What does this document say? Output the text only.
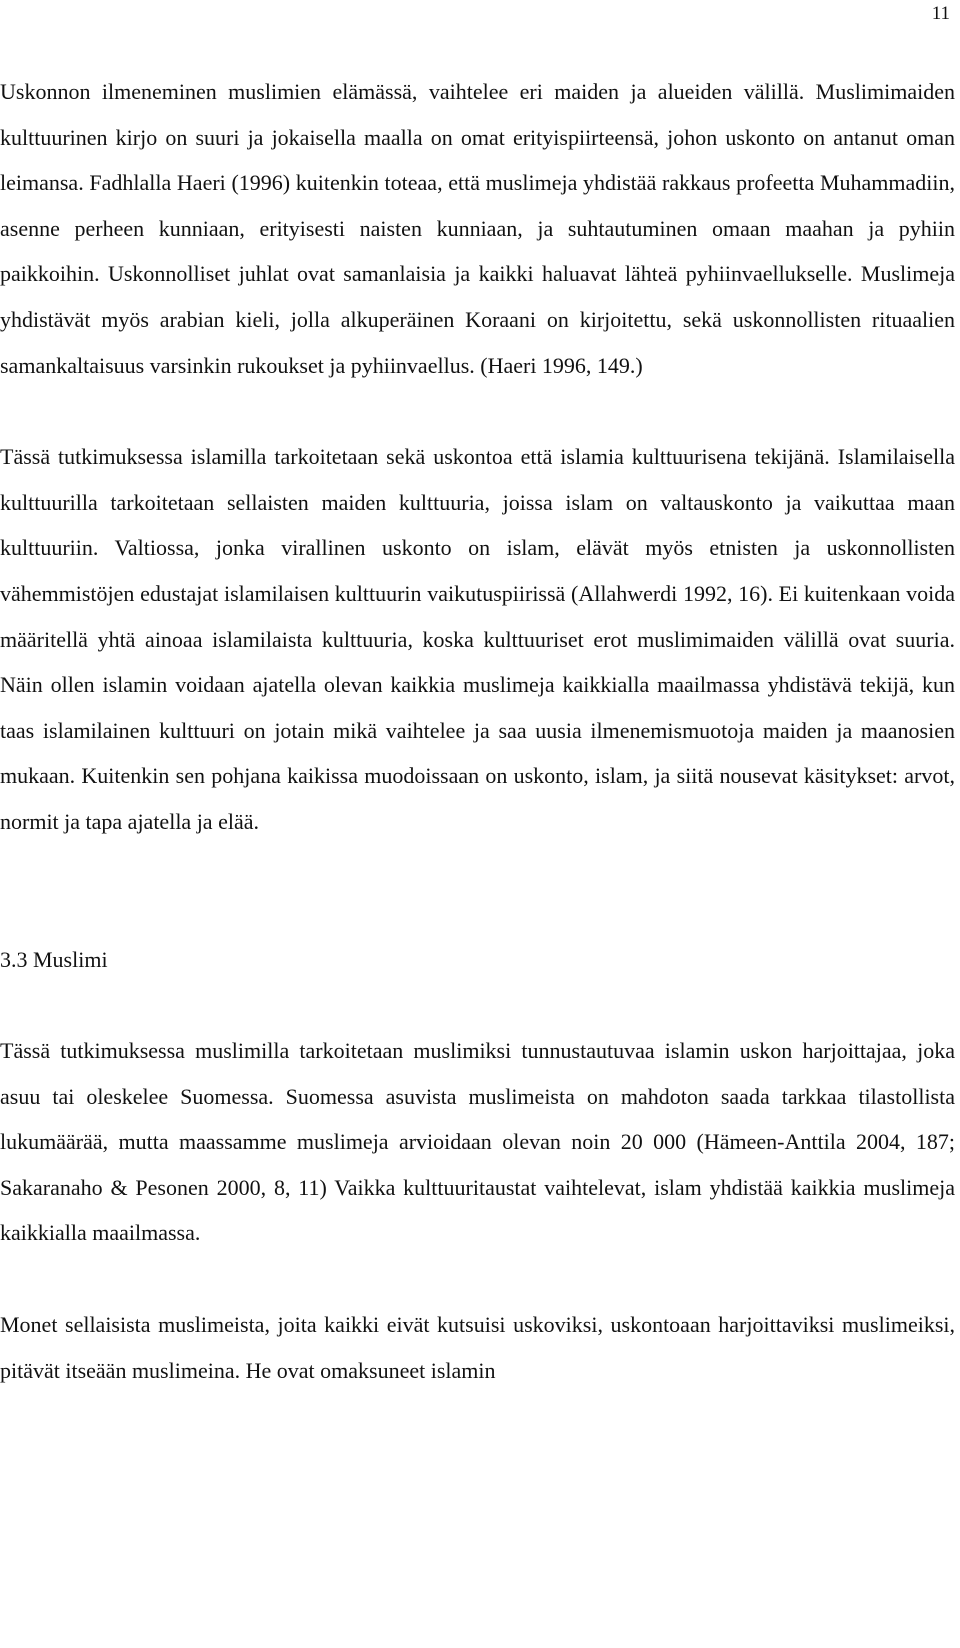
11

Uskonnon ilmeneminen muslimien elämässä, vaihtelee eri maiden ja alueiden välillä. Muslimimaiden kulttuurinen kirjo on suuri ja jokaisella maalla on omat erityispiirteensä, johon uskonto on antanut oman leimansa. Fadhlalla Haeri (1996) kuitenkin toteaa, että muslimeja yhdistää rakkaus profeetta Muhammadiin, asenne perheen kunniaan, erityisesti naisten kunniaan, ja suhtautuminen omaan maahan ja pyhiin paikkoihin. Uskonnolliset juhlat ovat samanlaisia ja kaikki haluavat lähteä pyhiinvaellukselle. Muslimeja yhdistävät myös arabian kieli, jolla alkuperäinen Koraani on kirjoitettu, sekä uskonnollisten rituaalien samankaltaisuus varsinkin rukoukset ja pyhiinvaellus. (Haeri 1996, 149.)

Tässä tutkimuksessa islamilla tarkoitetaan sekä uskontoa että islamia kulttuurisena tekijänä. Islamilaisella kulttuurilla tarkoitetaan sellaisten maiden kulttuuria, joissa islam on valtauskonto ja vaikuttaa maan kulttuuriin. Valtiossa, jonka virallinen uskonto on islam, elävät myös etnisten ja uskonnollisten vähemmistöjen edustajat islamilaisen kulttuurin vaikutuspiirissä (Allahwerdi 1992, 16). Ei kuitenkaan voida määritellä yhtä ainoaa islamilaista kulttuuria, koska kulttuuriset erot muslimimaiden välillä ovat suuria. Näin ollen islamin voidaan ajatella olevan kaikkia muslimeja kaikkialla maailmassa yhdistävä tekijä, kun taas islamilainen kulttuuri on jotain mikä vaihtelee ja saa uusia ilmenemismuotoja maiden ja maanosien mukaan. Kuitenkin sen pohjana kaikissa muodoissaan on uskonto, islam, ja siitä nousevat käsitykset: arvot, normit ja tapa ajatella ja elää.

3.3 Muslimi

Tässä tutkimuksessa muslimilla tarkoitetaan muslimiksi tunnustautuvaa islamin uskon harjoittajaa, joka asuu tai oleskelee Suomessa. Suomessa asuvista muslimeista on mahdoton saada tarkkaa tilastollista lukumäärää, mutta maassamme muslimeja arvioidaan olevan noin 20 000 (Hämeen-Anttila 2004, 187; Sakaranaho & Pesonen 2000, 8, 11) Vaikka kulttuuritaustat vaihtelevat, islam yhdistää kaikkia muslimeja kaikkialla maailmassa.

Monet sellaisista muslimeista, joita kaikki eivät kutsuisi uskoviksi, uskontoaan harjoittaviksi muslimeiksi, pitävät itseään muslimeina. He ovat omaksuneet islamin
